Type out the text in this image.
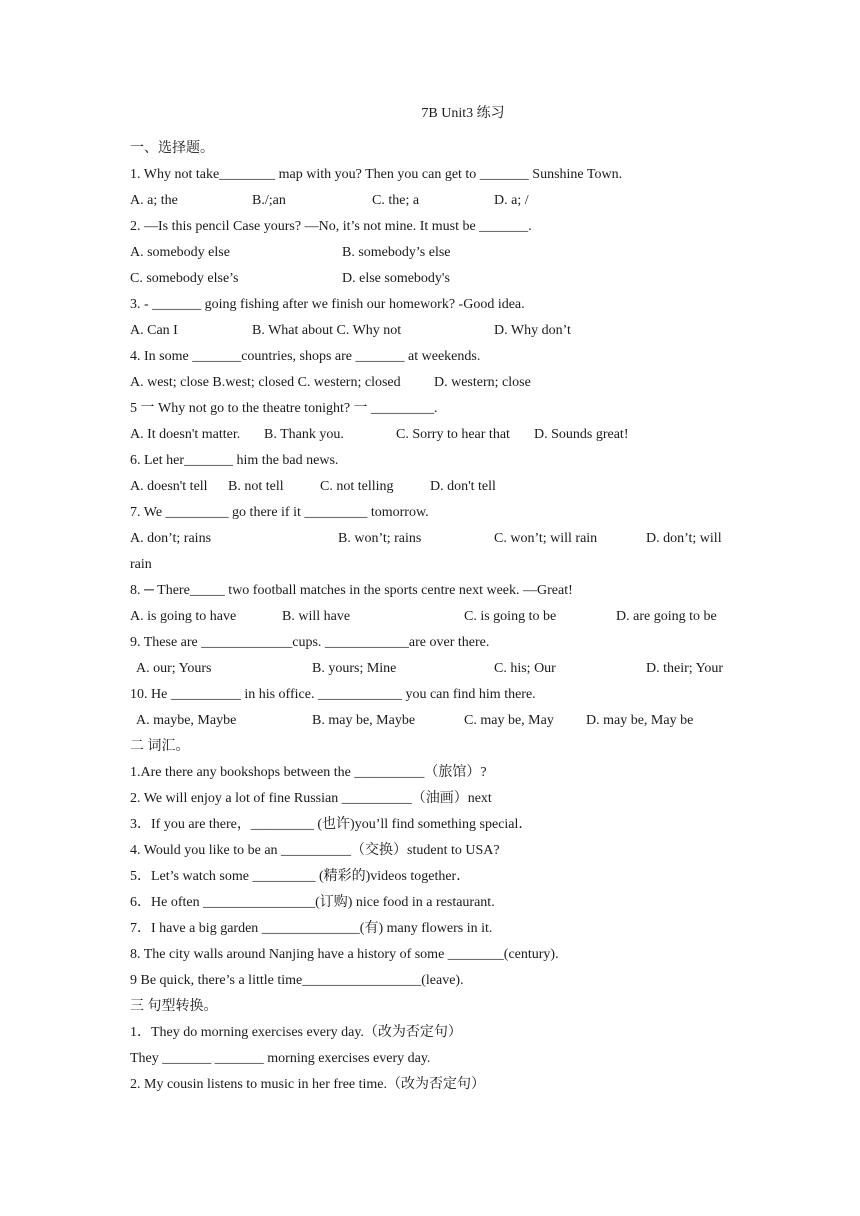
7B Unit3 练习
一、选择题。
1. Why not take________ map with you? Then you can get to _______ Sunshine Town.
A. a; the	B./;an	C. the; a	D. a; /
2. —Is this pencil Case yours? —No, it’s not mine. It must be _______.
A. somebody else	B. somebody’s else
C. somebody else’s	D. else somebody's
3. - _______ going fishing after we finish our homework? -Good idea.
A. Can I	B. What about C. Why not	D. Why don’t
4. In some _______countries, shops are _______ at weekends.
A. west; close B.west; closed C. western; closed D. western; close
5 一 Why not go to the theatre tonight? 一 _________.
A. It doesn't matter. B. Thank you.	C. Sorry to hear that D. Sounds great!
6. Let her_______ him the bad news.
A. doesn't tell B. not tell	C. not telling	D. don't tell
7. We _________ go there if it _________ tomorrow.
A. don’t; rains	B. won’t; rains	C. won’t; will rain	D. don’t; will
rain
8. ─ There_____ two football matches in the sports centre next week. —Great!
A. is going to have	B. will have	C. is going to be	D. are going to be
9. These are _____________cups. ____________are over there.
A. our; Yours	B. yours; Mine	C. his; Our	D. their; Your
10. He __________ in his office. ____________ you can find him there.
A. maybe, Maybe	B. may be, Maybe	C. may be, May D. may be, May be
二 词汇。
1.Are there any bookshops between the __________（旅馆）?
2. We will enjoy a lot of fine Russian __________（油画）next
3．If you are there，_________ (也许)you’ll find something special．
4. Would you like to be an __________（交换）student to USA?
5．Let’s watch some _________ (精彩的)videos together．
6．He often ________________(订购) nice food in a restaurant.
7．I have a big garden ______________(有) many flowers in it.
8. The city walls around Nanjing have a history of some ________(century).
9 Be quick, there’s a little time_________________(leave).
三 句型转换。
1．They do morning exercises every day.（改为否定句）
They _______ _______ morning exercises every day.
2. My cousin listens to music in her free time.（改为否定句）
